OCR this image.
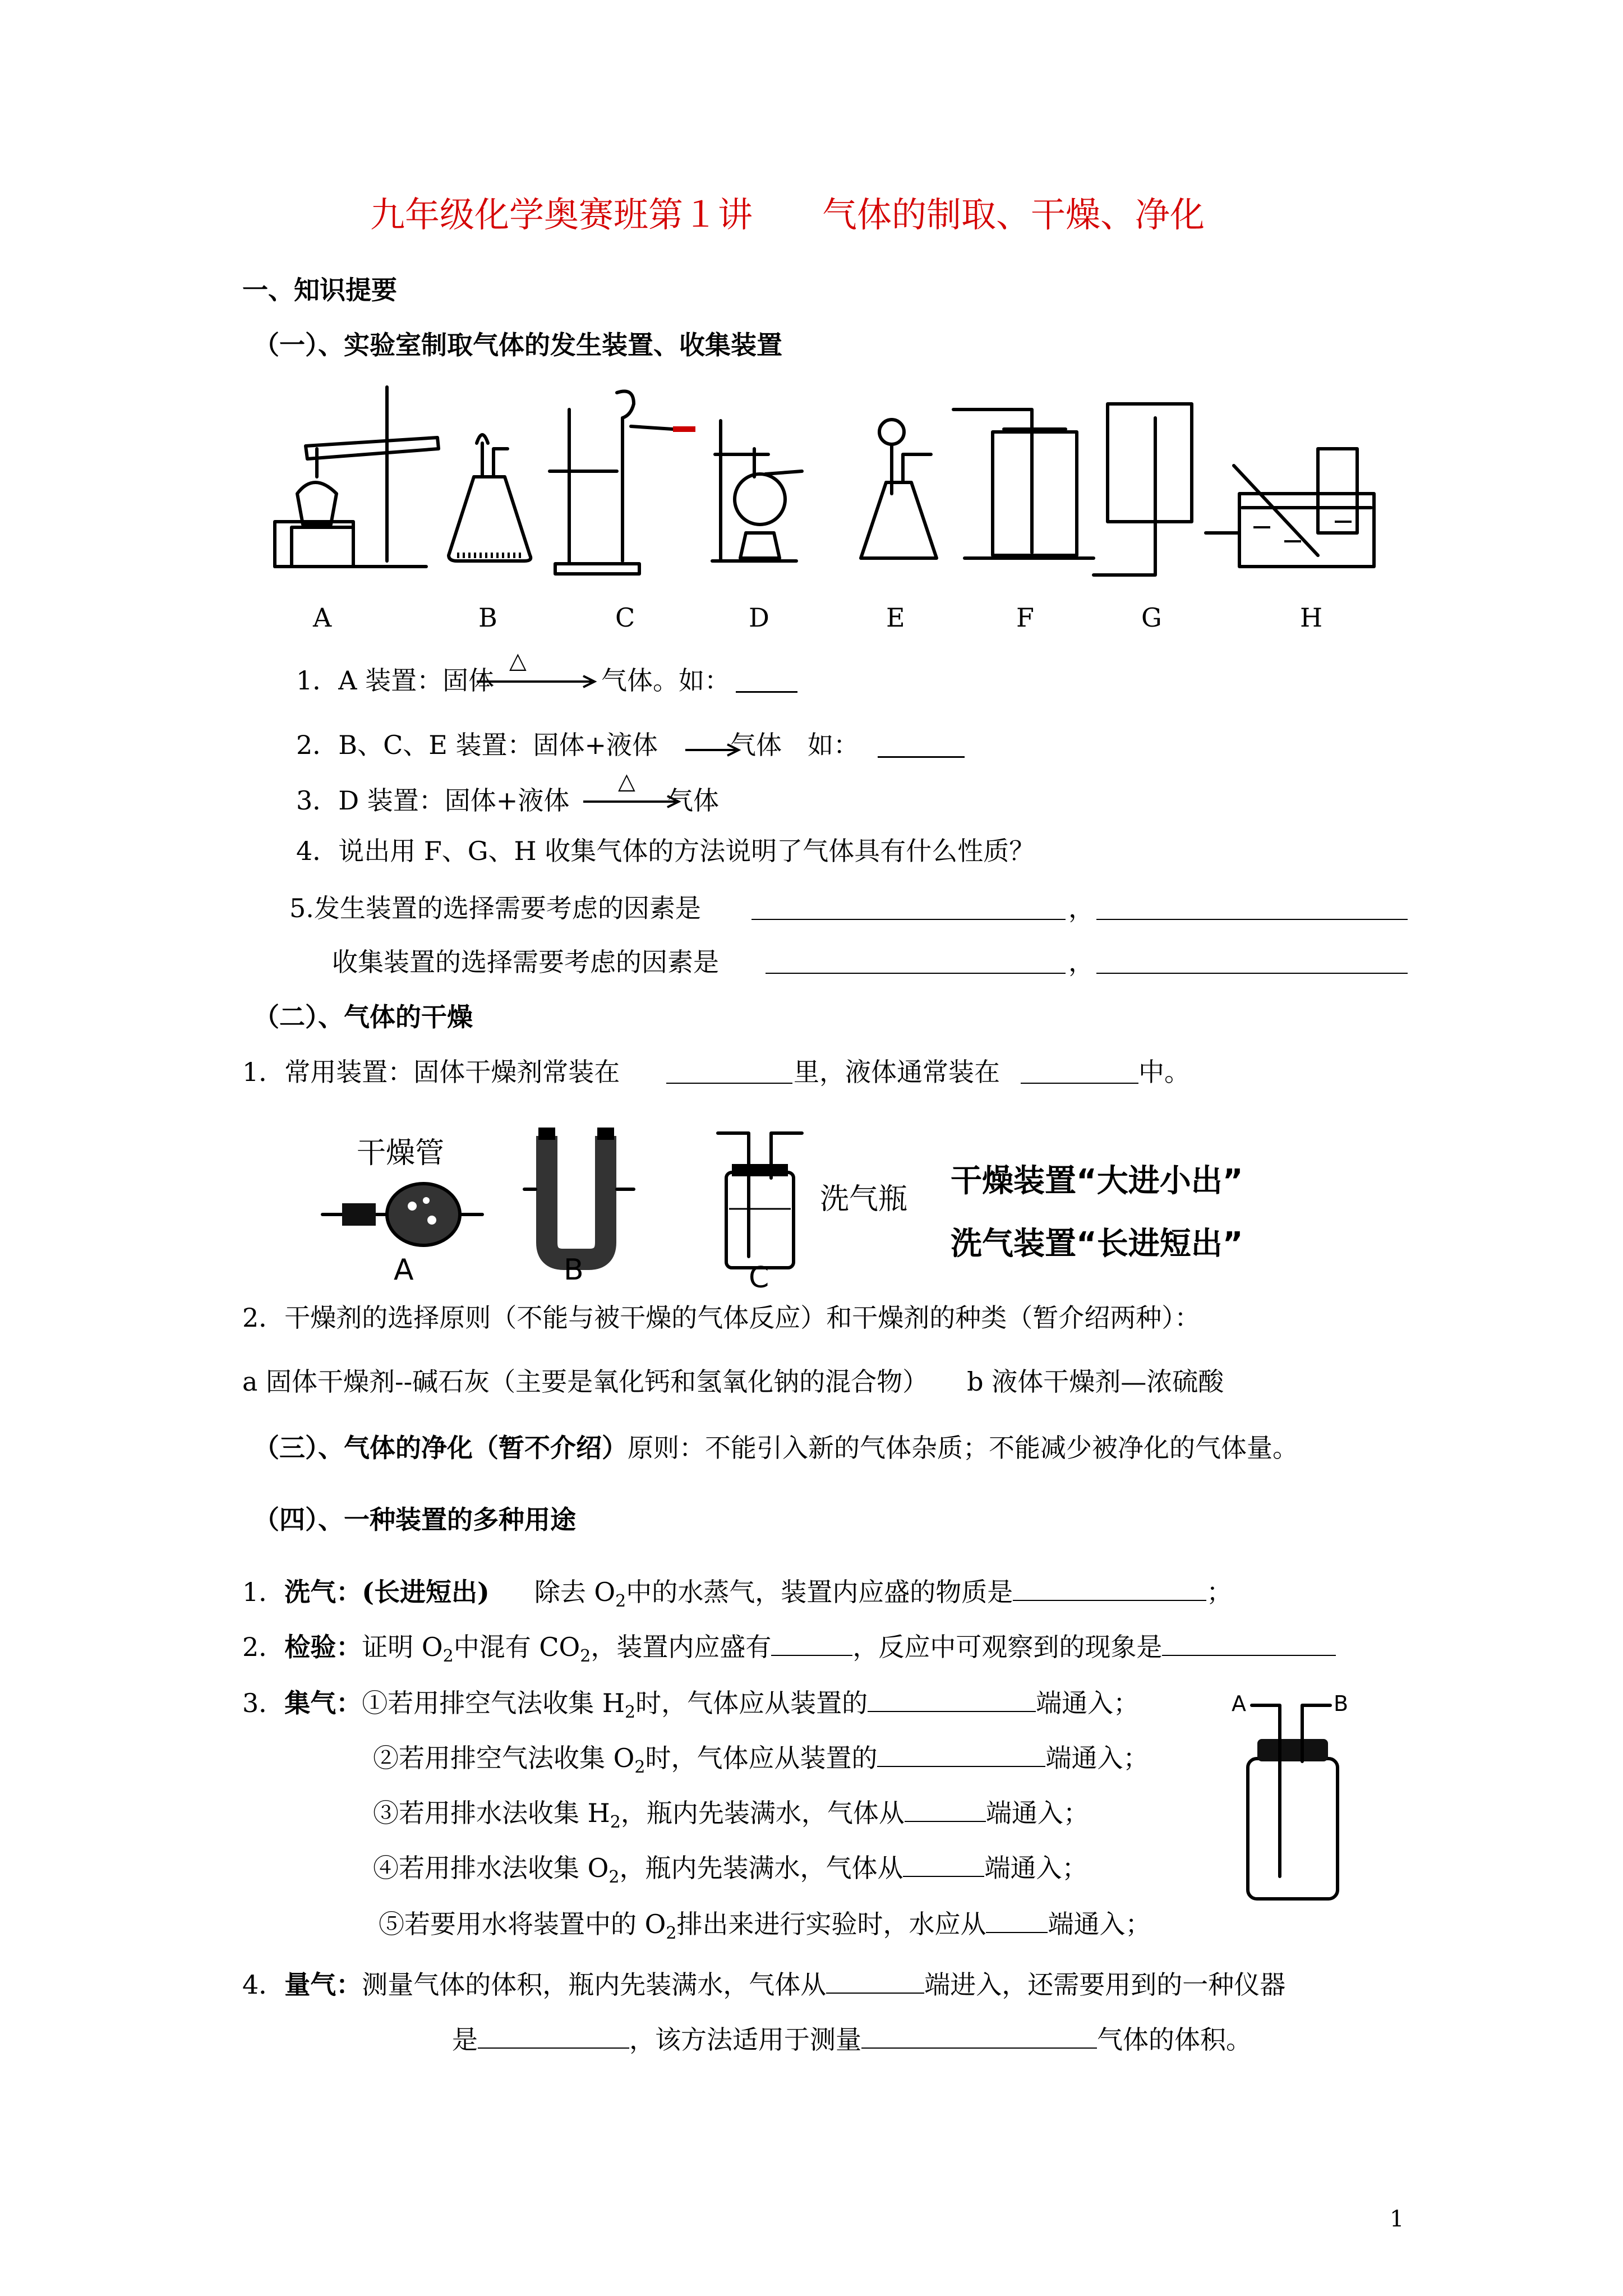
九年级化学奥赛班第１讲　　气体的制取、干燥、净化
一、知识提要
（一）、实验室制取气体的发生装置、收集装置
A	B	C	D	E	F	G	H
1．A 装置：固体
△
气体。如：
2．B、C、E 装置：固体+液体	气体　如：
3．D 装置：固体+液体
△
气体
4．说出用 F、G、H 收集气体的方法说明了气体具有什么性质？
5.发生装置的选择需要考虑的因素是	，
收集装置的选择需要考虑的因素是	，
（二）、气体的干燥
1．常用装置：固体干燥剂常装在	里，液体通常装在	中。
干燥管
洗气瓶 干燥装置“大进小出”
洗气装置“长进短出”
A	B	C
2．干燥剂的选择原则（不能与被干燥的气体反应）和干燥剂的种类（暂介绍两种）：
a 固体干燥剂--碱石灰（主要是氧化钙和氢氧化钠的混合物）　　b 液体干燥剂—浓硫酸
（三）、气体的净化（暂不介绍）原则：不能引入新的气体杂质；不能减少被净化的气体量。
（四）、一种装置的多种用途
1．洗气：(长进短出) 除去 $O_2$中的水蒸气，装置内应盛的物质是	；
2．检验：证明 $O_2$中混有 $CO_2$，装置内应盛有	，反应中可观察到的现象是
3．集气：①若用排空气法收集 $H_2$时，气体应从装置的	端通入；
②若用排空气法收集 $O_2$时，气体应从装置的	端通入；
③若用排水法收集 $H_2$，瓶内先装满水，气体从	端通入；
④若用排水法收集 $O_2$，瓶内先装满水，气体从	端通入；
⑤若要用水将装置中的 $O_2$排出来进行实验时，水应从 端通入；
A	B
4．量气：测量气体的体积，瓶内先装满水，气体从	端进入，还需要用到的一种仪器
是	，该方法适用于测量	气体的体积。
1
